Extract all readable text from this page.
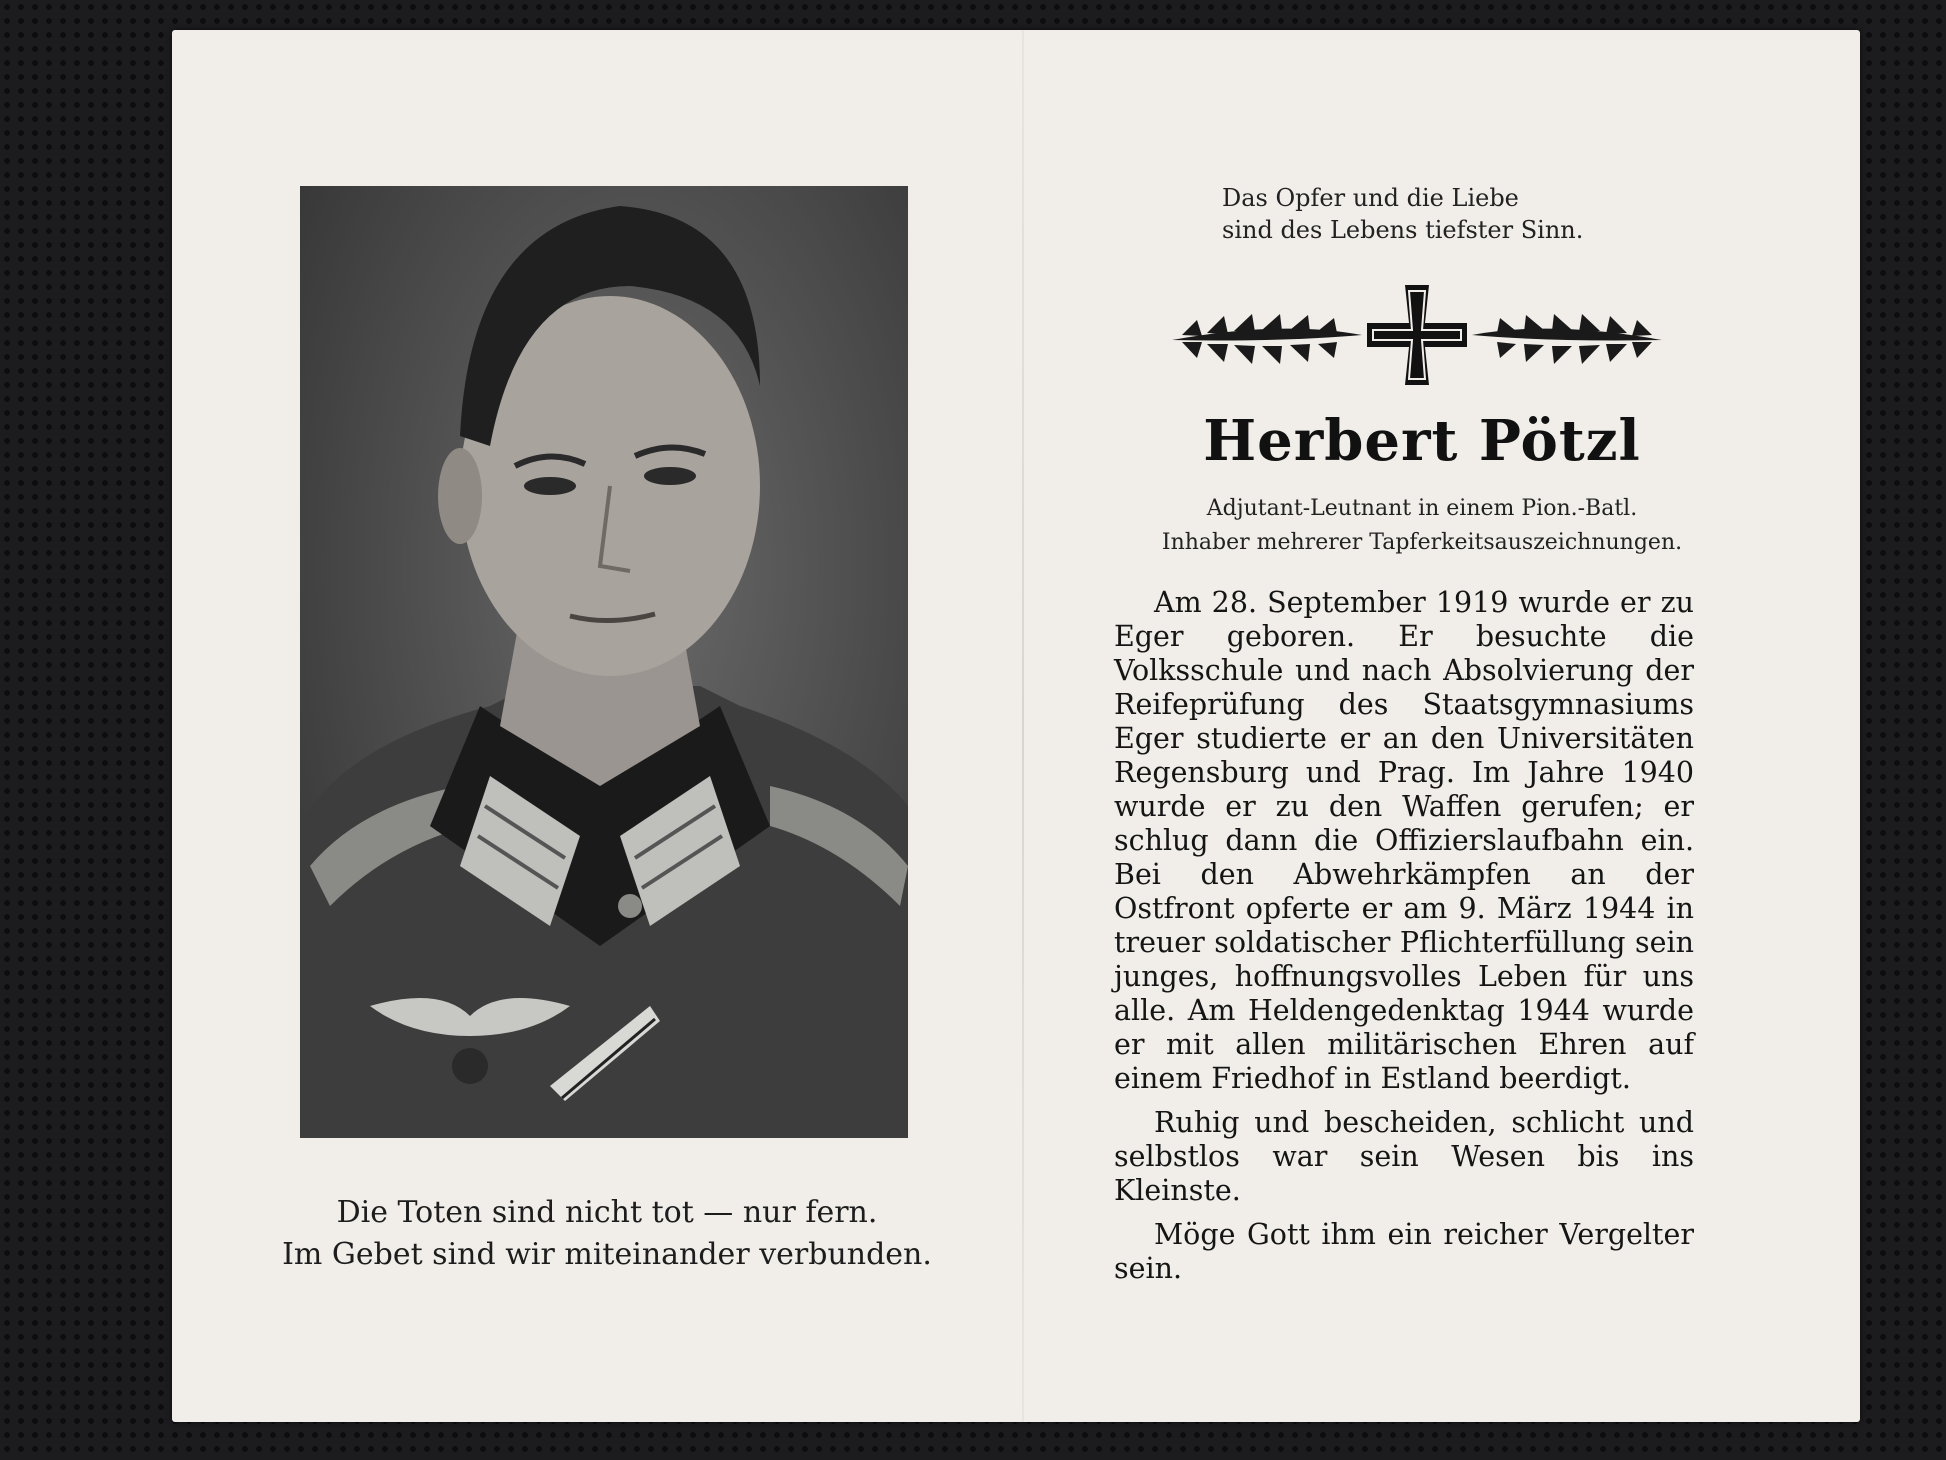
Die Toten sind nicht tot — nur fern.
Im Gebet sind wir miteinander verbunden.
Das Opfer und die Liebe
sind des Lebens tiefster Sinn.
Herbert Pötzl
Adjutant-Leutnant in einem Pion.-Batl.
Inhaber mehrerer Tapferkeitsauszeichnungen.

Am 28. September 1919 wurde er zu Eger geboren. Er besuchte die Volksschule und nach Absolvierung der Reifeprüfung des Staatsgymnasiums Eger studierte er an den Universitäten Regensburg und Prag. Im Jahre 1940 wurde er zu den Waffen gerufen; er schlug dann die Offizierslaufbahn ein. Bei den Abwehrkämpfen an der Ostfront opferte er am 9. März 1944 in treuer soldatischer Pflichterfüllung sein junges, hoffnungsvolles Leben für uns alle. Am Heldengedenktag 1944 wurde er mit allen militärischen Ehren auf einem Friedhof in Estland beerdigt.

Ruhig und bescheiden, schlicht und selbstlos war sein Wesen bis ins Kleinste.

Möge Gott ihm ein reicher Vergelter sein.
